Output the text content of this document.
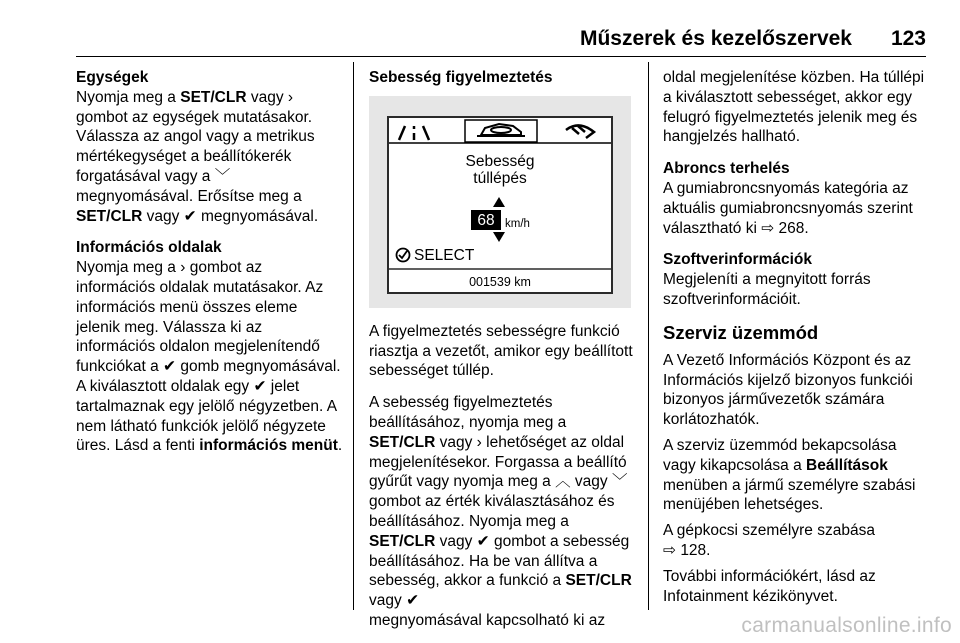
Műszerek és kezelőszervek 123

Egységek
Nyomja meg a SET/CLR vagy ›
gombot az egységek mutatásakor. Válassza az angol vagy a metrikus mértékegységet a beállítókerék forgatásával vagy a ﹀
megnyomásával. Erősítse meg a
SET/CLR vagy ✔ megnyomásával.

Információs oldalak
Nyomja meg a › gombot az információs oldalak mutatásakor. Az információs menü összes eleme jelenik meg. Válassza ki az információs oldalon megjelenítendő funkciókat a ✔ gomb megnyomásával. A kiválasztott oldalak egy ✔ jelet tartalmaznak egy jelölő négyzetben. A nem látható funkciók jelölő négyzete üres. Lásd a fenti információs menüt.

Sebesség figyelmeztetés
Sebesség
túllépés
68 km/h
SELECT
001539 km

A figyelmeztetés sebességre funkció riasztja a vezetőt, amikor egy beállított sebességet túllép.

A sebesség figyelmeztetés beállításához, nyomja meg a SET/CLR vagy › lehetőséget az oldal megjelenítésekor. Forgassa a beállító gyűrűt vagy nyomja meg a ︿ vagy ﹀ gombot az érték kiválasztásához és beállításához. Nyomja meg a SET/CLR vagy ✔ gombot a sebesség beállításához. Ha be van állítva a sebesség, akkor a funkció a SET/CLR vagy ✔
megnyomásával kapcsolható ki az

oldal megjelenítése közben. Ha túllépi a kiválasztott sebességet, akkor egy felugró figyelmeztetés jelenik meg és hangjelzés hallható.

Abroncs terhelés
A gumiabroncsnyomás kategória az aktuális gumiabroncsnyomás szerint választható ki ⇨ 268.

Szoftverinformációk
Megjeleníti a megnyitott forrás szoftverinformációit.

Szerviz üzemmód

A Vezető Információs Központ és az Információs kijelző bizonyos funkciói bizonyos járművezetők számára korlátozhatók.

A szerviz üzemmód bekapcsolása vagy kikapcsolása a Beállítások menüben a jármű személyre szabási menüjében lehetséges.

A gépkocsi személyre szabása
⇨ 128.

További információkért, lásd az Infotainment kézikönyvet.

carmanualsonline.info
